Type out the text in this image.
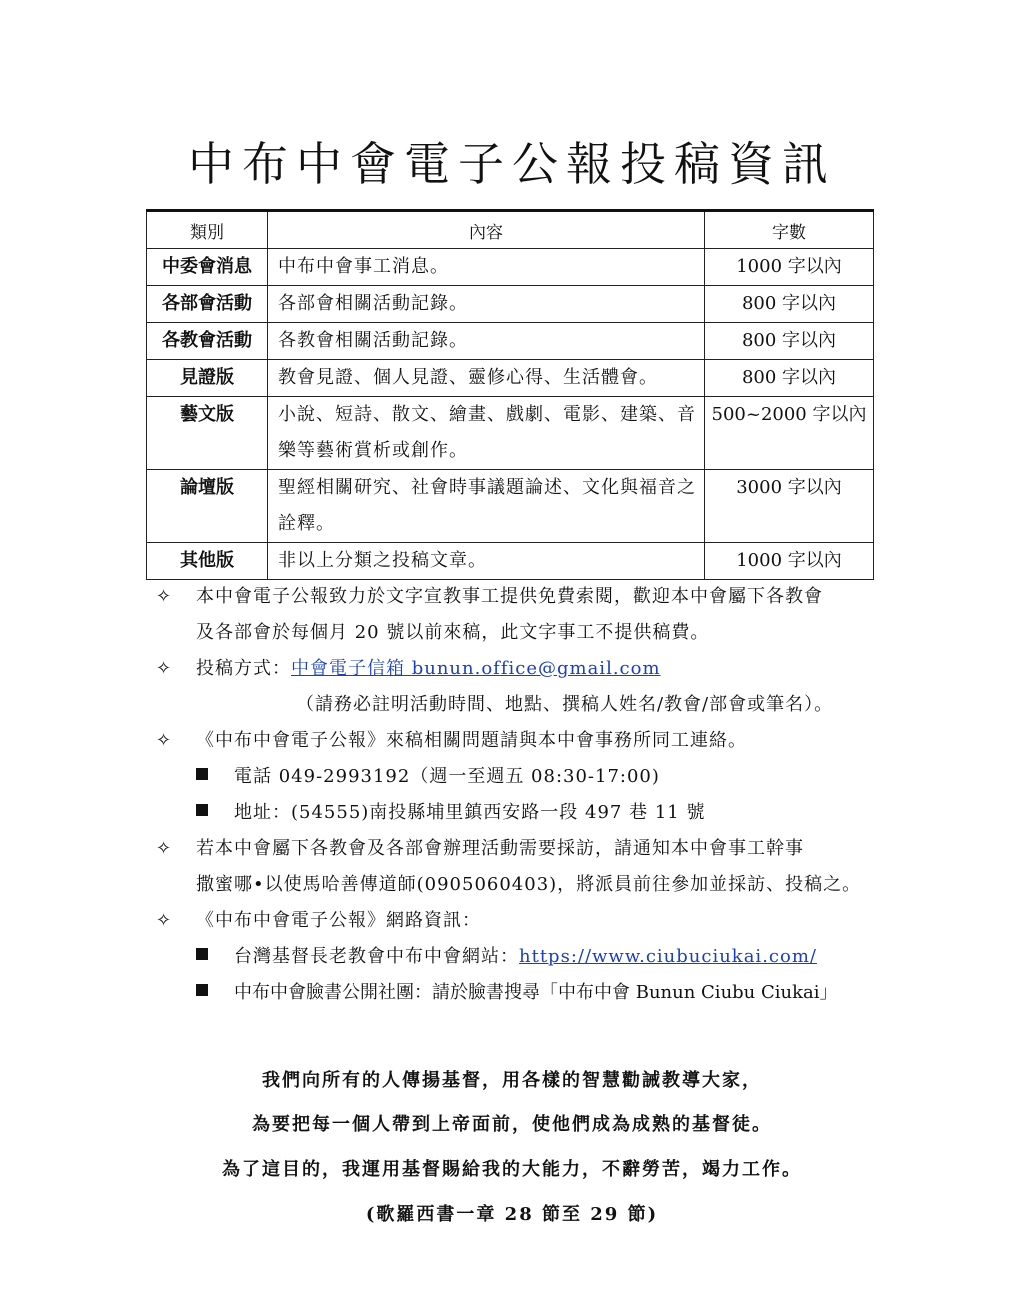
中布中會電子公報投稿資訊
類別	內容	字數
中委會消息	中布中會事工消息。	1000 字以內
各部會活動	各部會相關活動記錄。	800 字以內
各教會活動	各教會相關活動記錄。	800 字以內
見證版	教會見證、個人見證、靈修心得、生活體會。	800 字以內
藝文版	小說、短詩、散文、繪畫、戲劇、電影、建築、音樂等藝術賞析或創作。	500~2000 字以內
論壇版	聖經相關研究、社會時事議題論述、文化與福音之詮釋。	3000 字以內
其他版	非以上分類之投稿文章。	1000 字以內
✧ 本中會電子公報致力於文字宣教事工提供免費索閱，歡迎本中會屬下各教會
及各部會於每個月 20 號以前來稿，此文字事工不提供稿費。
✧ 投稿方式：中會電子信箱 bunun.office@gmail.com
（請務必註明活動時間、地點、撰稿人姓名/教會/部會或筆名）。
✧ 《中布中會電子公報》來稿相關問題請與本中會事務所同工連絡。
電話 049-2993192（週一至週五 08:30-17:00)
地址：(54555)南投縣埔里鎮西安路一段 497 巷 11 號
✧ 若本中會屬下各教會及各部會辦理活動需要採訪，請通知本中會事工幹事
撒蜜哪•以使馬哈善傳道師(0905060403)，將派員前往參加並採訪、投稿之。
✧ 《中布中會電子公報》網路資訊：
台灣基督長老教會中布中會網站：https://www.ciubuciukai.com/
中布中會臉書公開社團：請於臉書搜尋「中布中會 Bunun Ciubu Ciukai」
我們向所有的人傳揚基督，用各樣的智慧勸誡教導大家，
為要把每一個人帶到上帝面前，使他們成為成熟的基督徒。
為了這目的，我運用基督賜給我的大能力，不辭勞苦，竭力工作。
(歌羅西書一章 28 節至 29 節)
